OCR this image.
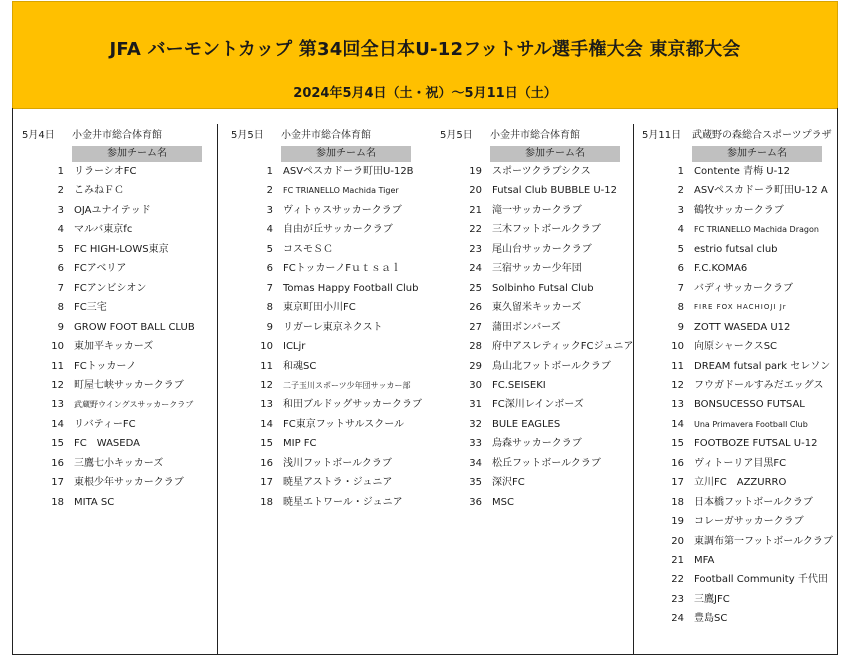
JFA バーモントカップ 第34回全日本U-12フットサル選手権大会 東京都大会
2024年5月4日（土・祝）～5月11日（土）
5月4日 小金井市総合体育館
参加チーム名
1 リラーシオFC
2 こみねＦＣ
3 OJAユナイテッド
4 マルバ東京fc
5 FC HIGH-LOWS東京
6 FCアベリア
7 FCアンビシオン
8 FC三宅
9 GROW FOOT BALL CLUB
10 東加平キッカーズ
11 FCトッカーノ
12 町屋七峡サッカークラブ
13 武蔵野ウイングスサッカークラブ
14 リバティーFC
15 FC　WASEDA
16 三鷹七小キッカーズ
17 東根少年サッカークラブ
18 MITA SC
5月5日 小金井市総合体育館
参加チーム名
1 ASVペスカドーラ町田U-12B
2 FC TRIANELLO Machida Tiger
3 ヴィトゥスサッカークラブ
4 自由が丘サッカークラブ
5 コスモＳＣ
6 FCトッカーノFｕｔｓａｌ
7 Tomas Happy Football Club
8 東京町田小川FC
9 リガーレ東京ネクスト
10 ICLjr
11 和魂SC
12 二子玉川スポーツ少年団サッカー部
13 和田ブルドッグサッカークラブ
14 FC東京フットサルスクール
15 MIP FC
16 浅川フットボールクラブ
17 暁星アストラ・ジュニア
18 暁星エトワール・ジュニア
5月5日 小金井市総合体育館
参加チーム名
19 スポーツクラブシクス
20 Futsal Club BUBBLE U-12
21 滝一サッカークラブ
22 三木フットボールクラブ
23 尾山台サッカークラブ
24 三宿サッカー少年団
25 Solbinho Futsal Club
26 東久留米キッカーズ
27 蒲田ボンバーズ
28 府中アスレティックFCジュニア
29 鳥山北フットボールクラブ
30 FC.SEISEKI
31 FC深川レインボーズ
32 BULE EAGLES
33 烏森サッカークラブ
34 松丘フットボールクラブ
35 深沢FC
36 MSC
5月11日 武蔵野の森総合スポーツプラザ
参加チーム名
1 Contente 青梅 U-12
2 ASVペスカドーラ町田U-12 A
3 鶴牧サッカークラブ
4 FC TRIANELLO Machida Dragon
5 estrio futsal club
6 F.C.KOMA6
7 バディサッカークラブ
8 FIRE FOX HACHIOJI Jr
9 ZOTT WASEDA U12
10 向原シャークスSC
11 DREAM futsal park セレソン
12 フウガドールすみだエッグス
13 BONSUCESSO FUTSAL
14 Una Primavera Football Club
15 FOOTBOZE FUTSAL U-12
16 ヴィトーリア目黒FC
17 立川FC　AZZURRO
18 日本橋フットボールクラブ
19 コレーガサッカークラブ
20 東調布第一フットボールクラブ
21 MFA
22 Football Community 千代田
23 三鷹JFC
24 豊島SC
